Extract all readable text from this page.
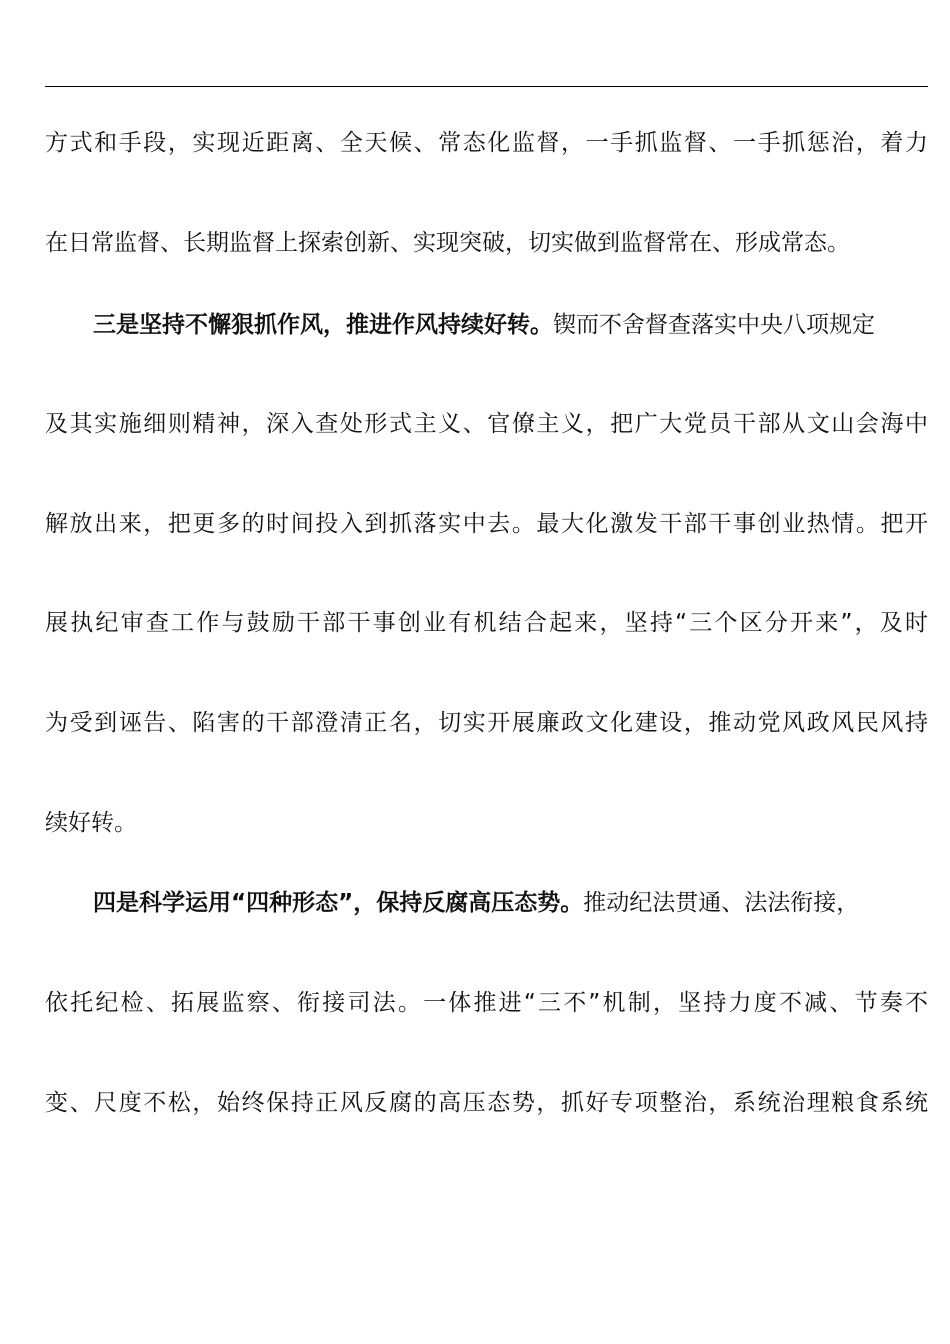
方式和手段，实现近距离、全天候、常态化监督，一手抓监督、一手抓惩治，着力
在日常监督、长期监督上探索创新、实现突破，切实做到监督常在、形成常态。
三是坚持不懈狠抓作风，推进作风持续好转。锲而不舍督查落实中央八项规定
及其实施细则精神，深入查处形式主义、官僚主义，把广大党员干部从文山会海中
解放出来，把更多的时间投入到抓落实中去。最大化激发干部干事创业热情。把开
展执纪审查工作与鼓励干部干事创业有机结合起来，坚持“三个区分开来”，及时
为受到诬告、陷害的干部澄清正名，切实开展廉政文化建设，推动党风政风民风持
续好转。
四是科学运用“四种形态”，保持反腐高压态势。推动纪法贯通、法法衔接，
依托纪检、拓展监察、衔接司法。一体推进“三不”机制，坚持力度不减、节奏不
变、尺度不松，始终保持正风反腐的高压态势，抓好专项整治，系统治理粮食系统
